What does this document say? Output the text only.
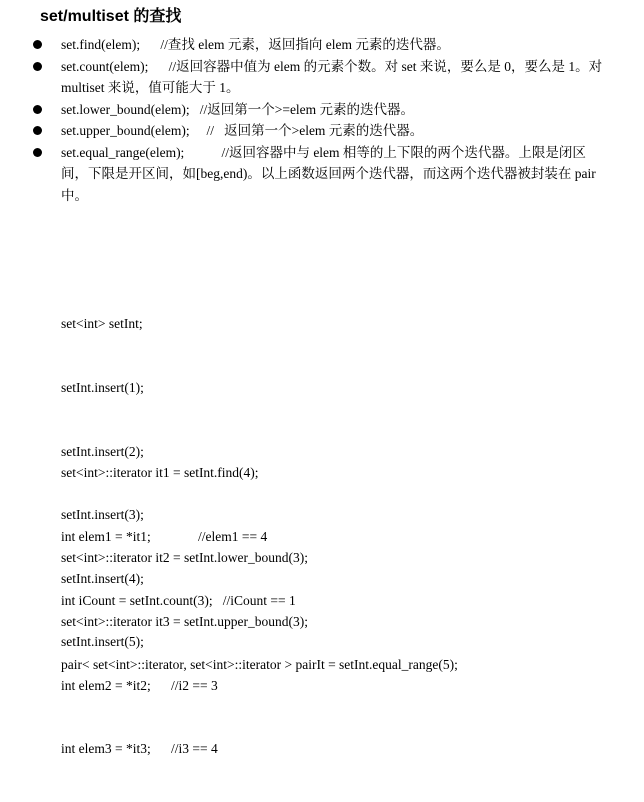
set/multiset 的查找
set.find(elem);      //查找 elem 元素，返回指向 elem 元素的迭代器。
set.count(elem);      //返回容器中值为 elem 的元素个数。对 set 来说，要么是 0，要么是 1。对 multiset 来说，值可能大于 1。
set.lower_bound(elem);   //返回第一个>=elem 元素的迭代器。
set.upper_bound(elem);     //   返回第一个>elem 元素的迭代器。
set.equal_range(elem);           //返回容器中与 elem 相等的上下限的两个迭代器。上限是闭区间，下限是开区间，如[beg,end)。以上函数返回两个迭代器，而这两个迭代器被封装在 pair 中。

set<int> setInt;

setInt.insert(1);

setInt.insert(2);

setInt.insert(3);

setInt.insert(4);

setInt.insert(5);

set<int>::iterator it1 = setInt.find(4);

int elem1 = *it1;              //elem1 == 4

int iCount = setInt.count(3);   //iCount == 1

set<int>::iterator it2 = setInt.lower_bound(3);

set<int>::iterator it3 = setInt.upper_bound(3);

int elem2 = *it2;      //i2 == 3

int elem3 = *it3;      //i3 == 4

pair< set<int>::iterator, set<int>::iterator > pairIt = setInt.equal_range(5);
